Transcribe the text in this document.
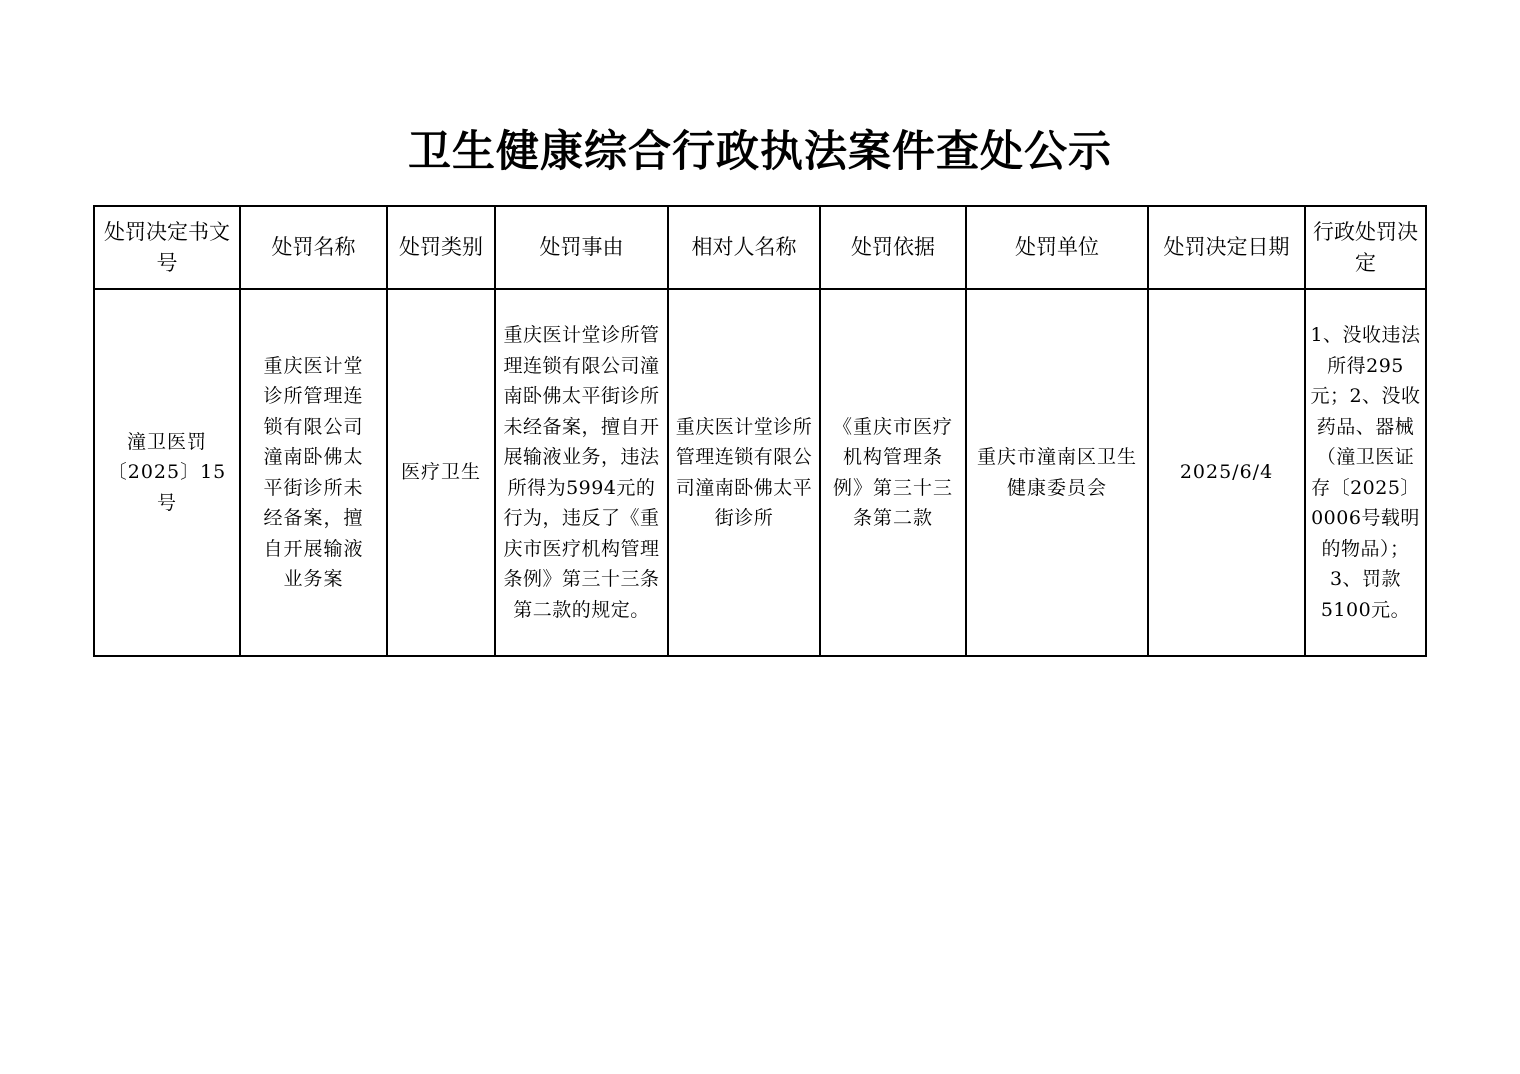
卫生健康综合行政执法案件查处公示
处罚决定书文号	处罚名称	处罚类别	处罚事由	相对人名称	处罚依据	处罚单位	处罚决定日期	行政处罚决定
潼卫医罚〔2025〕15号	重庆医计堂诊所管理连锁有限公司潼南卧佛太平街诊所未经备案，擅自开展输液业务案	医疗卫生	重庆医计堂诊所管理连锁有限公司潼南卧佛太平街诊所未经备案，擅自开展输液业务，违法所得为5994元的行为，违反了《重庆市医疗机构管理条例》第三十三条第二款的规定。	重庆医计堂诊所管理连锁有限公司潼南卧佛太平街诊所	《重庆市医疗机构管理条例》第三十三条第二款	重庆市潼南区卫生健康委员会	2025/6/4	1、没收违法所得295元；2、没收药品、器械（潼卫医证存〔2025〕0006号载明的物品）；3、罚款5100元。
